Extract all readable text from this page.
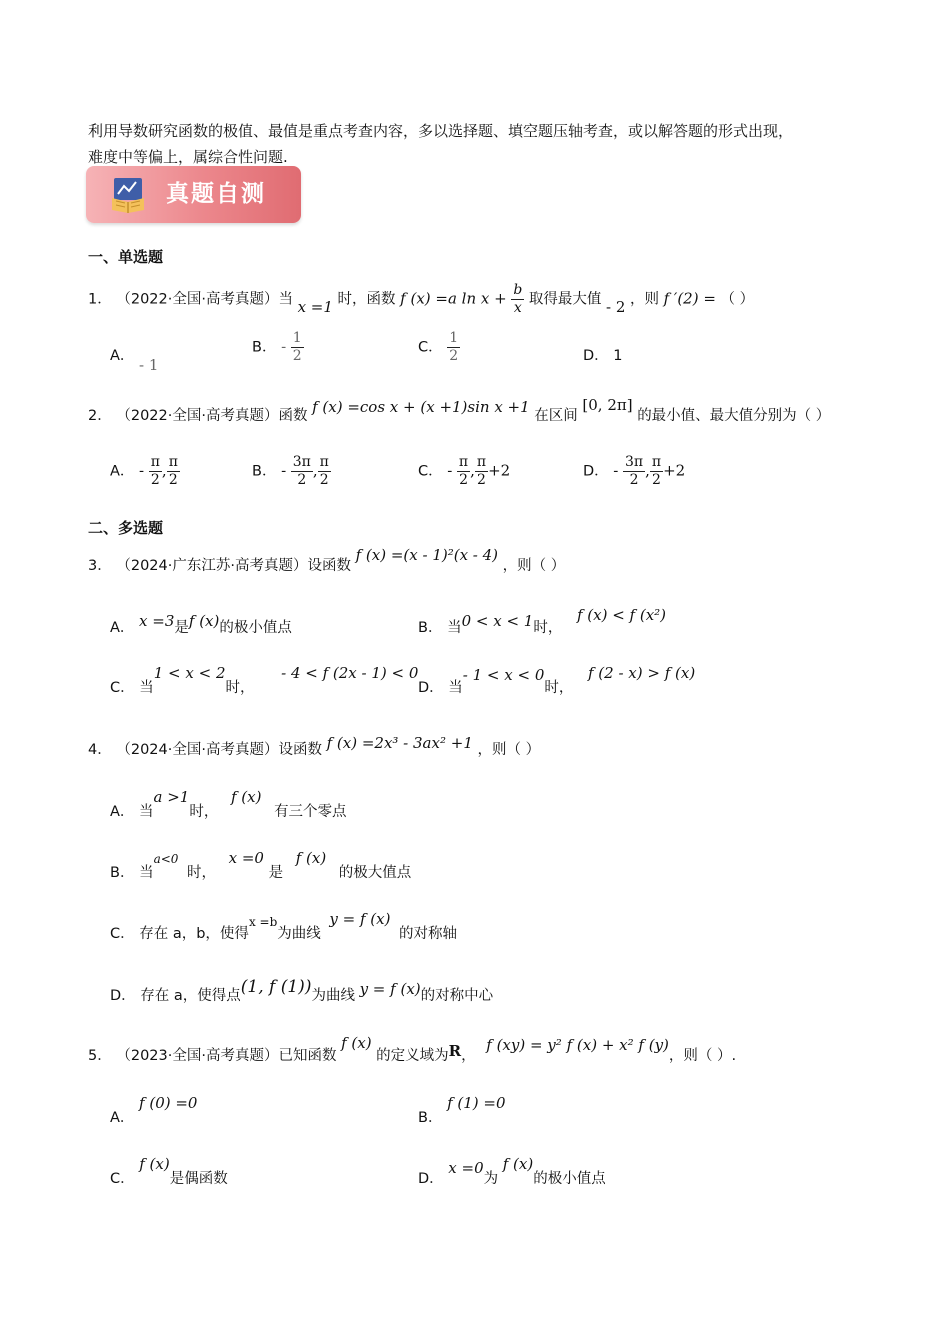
利用导数研究函数的极值、最值是重点考查内容，多以选择题、填空题压轴考查，或以解答题的形式出现，
难度中等偏上，属综合性问题.
真题自测
一、单选题
1． （2022·全国·高考真题）当 x =1 时，函数 f (x) =a $\ln x + \frac{b}{x}$ 取得最大值 - 2 ，则 f ′(2) = （ ）
A． - 1
B． - $\frac{1}{2}$	C． $\frac{1}{2}$	D． 1
2． （2022·全国·高考真题）函数 f (x) =cos x + (x +1)sin x +1 在区间 [0, 2π] 的最小值、最大值分别为（ ）
A． - $\frac{\pi}{2}$ , $\frac{\pi}{2}$	B． - $\frac{3\pi}{2}$ , $\frac{\pi}{2}$	C． - $\frac{\pi}{2}$ , $\frac{\pi}{2} +2$	D． - $\frac{3\pi}{2}$ , $\frac{\pi}{2} +2$
二、多选题
3． （2024·广东江苏·高考真题）设函数 f (x) =(x - 1)²(x - 4) ，则（ ）
A． x =3是f (x)的极小值点	B． 当0 < x < 1时， f (x) < f (x²)
C． 当1 < x < 2时， - 4 < f (2x - 1) < 0
D． 当- 1 < x < 0时， f (2 - x) > f (x)
4． （2024·全国·高考真题）设函数 f (x) =2x³ - 3ax² +1 ，则（ ）
A． 当a >1时， f (x) 有三个零点
B． 当$^{a<0}$ 时， x =0 是 f (x) 的极大值点
C． 存在 a，b，使得$^{x =b}$为曲线 y = f (x) 的对称轴
D． 存在 a，使得点(1, f (1))为曲线 y = f (x)的对称中心
5． （2023·全国·高考真题）已知函数 f (x) 的定义域为R， f (xy) = y² f (x) + x² f (y)，则（ ）.
A． f (0) =0
B． f (1) =0
C． f (x)是偶函数	D． x =0为 f (x)的极小值点
